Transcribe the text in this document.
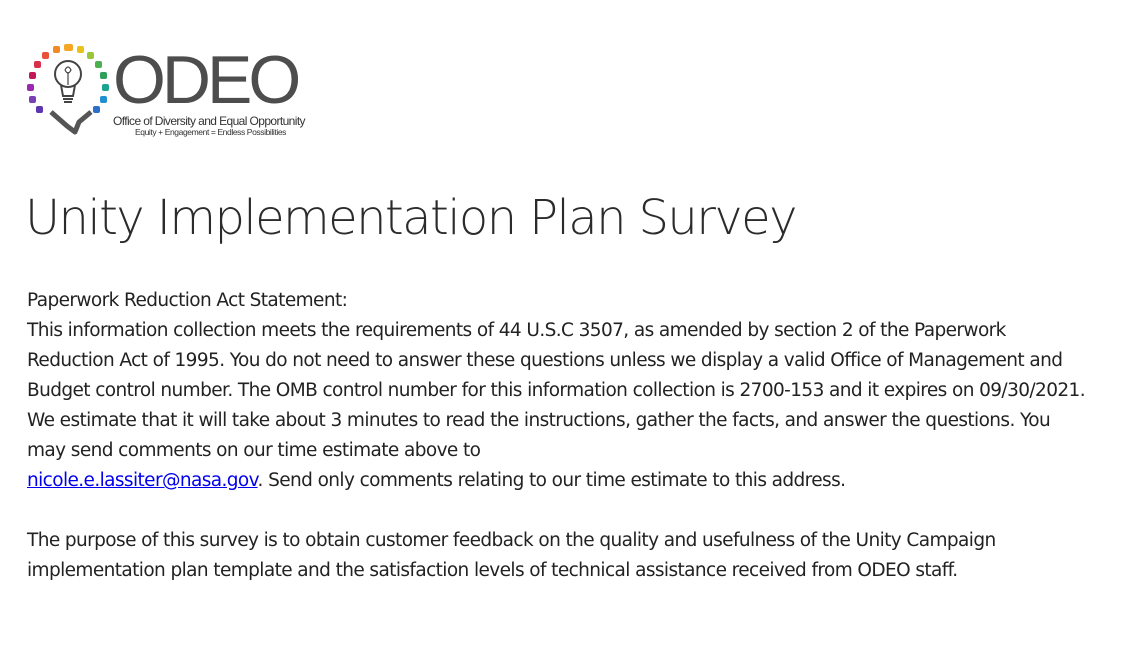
ODEO
Office of Diversity and Equal Opportunity
Equity + Engagement = Endless Possibilities
Unity Implementation Plan Survey

Paperwork Reduction Act Statement:

This information collection meets the requirements of 44 U.S.C 3507, as amended by section 2 of the Paperwork Reduction Act of 1995. You do not need to answer these questions unless we display a valid Office of Management and Budget control number. The OMB control number for this information collection is 2700-153 and it expires on 09/30/2021. We estimate that it will take about 3 minutes to read the instructions, gather the facts, and answer the questions. You may send comments on our time estimate above to
nicole.e.lassiter@nasa.gov. Send only comments relating to our time estimate to this address.

The purpose of this survey is to obtain customer feedback on the quality and usefulness of the Unity Campaign implementation plan template and the satisfaction levels of technical assistance received from ODEO staff.
